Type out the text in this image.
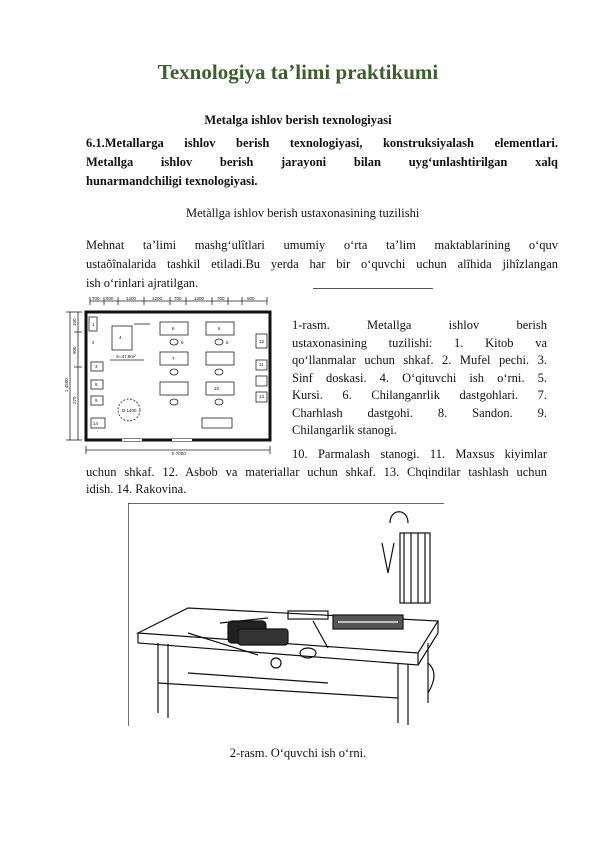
Texnologiya ta’limi praktikumi
Metalga ishlov berish texnologiyasi
6.1.Metallarga ishlov berish texnologiyasi, konstruksiyalash elementlari.
Metallga ishlov berish jarayoni bilan uyg‘unlashtirilgan xalq
hunarmandchiligi texnologiyasi.
Metàllga ishlov berish ustaxonasining tuzilishi
Mehnat ta’limi mashg‘ulîtlari umumiy o‘rta ta’lim maktablarining o‘quv
ustaõînalarida tashkil etiladi.Bu yerda har bir o‘quvchi uchun alîhida jihîzlangan
ish o‘rinlari ajratilgan.
700 600	1200	1200	700	1200	700	500
100
900
270
1 4500
b 7000
S=47,8m²
D 1400
1
2
3
4
6	6
5	5
8
9
7
10
11
12
13
14
1-rasm. Metallga ishlov berish
ustaxonasining tuzilishi: 1. Kitob va
qo‘llanmalar uchun shkaf. 2. Mufel pechi. 3.
Sinf doskasi. 4. O‘qituvchi ish o‘rni. 5.
Kursi. 6. Chilanganrlik dastgohlari. 7.
Charhlash dastgohi. 8. Sandon. 9.
Chilangarlik stanogi.
10. Parmalash stanogi. 11. Maxsus kiyimlar
uchun shkaf. 12. Asbob va materiallar uchun shkaf. 13. Chqindilar tashlash uchun
idish. 14. Rakovina.
2-rasm. O‘quvchi ish o‘rni.
